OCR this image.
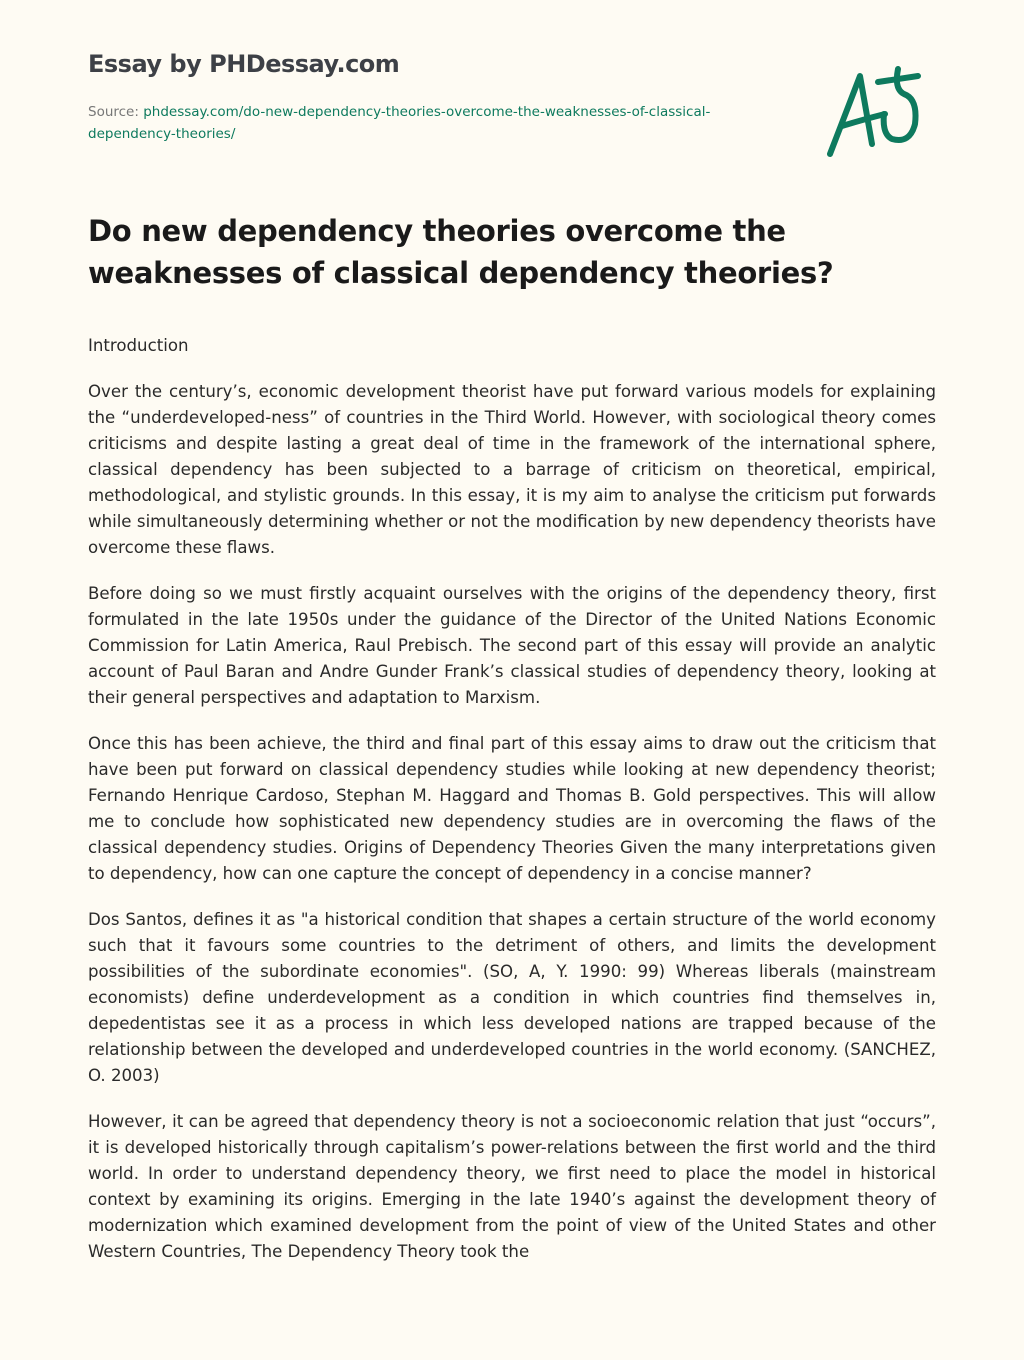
Essay by PHDessay.com
Source: phdessay.com/do-new-dependency-theories-overcome-the-weaknesses-of-classical-dependency-theories/
Do new dependency theories overcome the weaknesses of classical dependency theories?

Introduction

Over the century’s, economic development theorist have put forward various models for explaining the “underdeveloped-ness” of countries in the Third World. However, with sociological theory comes criticisms and despite lasting a great deal of time in the framework of the international sphere, classical dependency has been subjected to a barrage of criticism on theoretical, empirical, methodological, and stylistic grounds. In this essay, it is my aim to analyse the criticism put forwards while simultaneously determining whether or not the modification by new dependency theorists have overcome these flaws.

Before doing so we must firstly acquaint ourselves with the origins of the dependency theory, first formulated in the late 1950s under the guidance of the Director of the United Nations Economic Commission for Latin America, Raul Prebisch. The second part of this essay will provide an analytic account of Paul Baran and Andre Gunder Frank’s classical studies of dependency theory, looking at their general perspectives and adaptation to Marxism.

Once this has been achieve, the third and final part of this essay aims to draw out the criticism that have been put forward on classical dependency studies while looking at new dependency theorist; Fernando Henrique Cardoso, Stephan M. Haggard and Thomas B. Gold perspectives. This will allow me to conclude how sophisticated new dependency studies are in overcoming the flaws of the classical dependency studies. Origins of Dependency Theories Given the many interpretations given to dependency, how can one capture the concept of dependency in a concise manner?

Dos Santos, defines it as "a historical condition that shapes a certain structure of the world economy such that it favours some countries to the detriment of others, and limits the development possibilities of the subordinate economies". (SO, A, Y. 1990: 99) Whereas liberals (mainstream economists) define underdevelopment as a condition in which countries find themselves in, depedentistas see it as a process in which less developed nations are trapped because of the relationship between the developed and underdeveloped countries in the world economy. (SANCHEZ, O. 2003)

However, it can be agreed that dependency theory is not a socioeconomic relation that just “occurs”, it is developed historically through capitalism’s power-relations between the first world and the third world. In order to understand dependency theory, we first need to place the model in historical context by examining its origins. Emerging in the late 1940’s against the development theory of modernization which examined development from the point of view of the United States and other Western Countries, The Dependency Theory took the
